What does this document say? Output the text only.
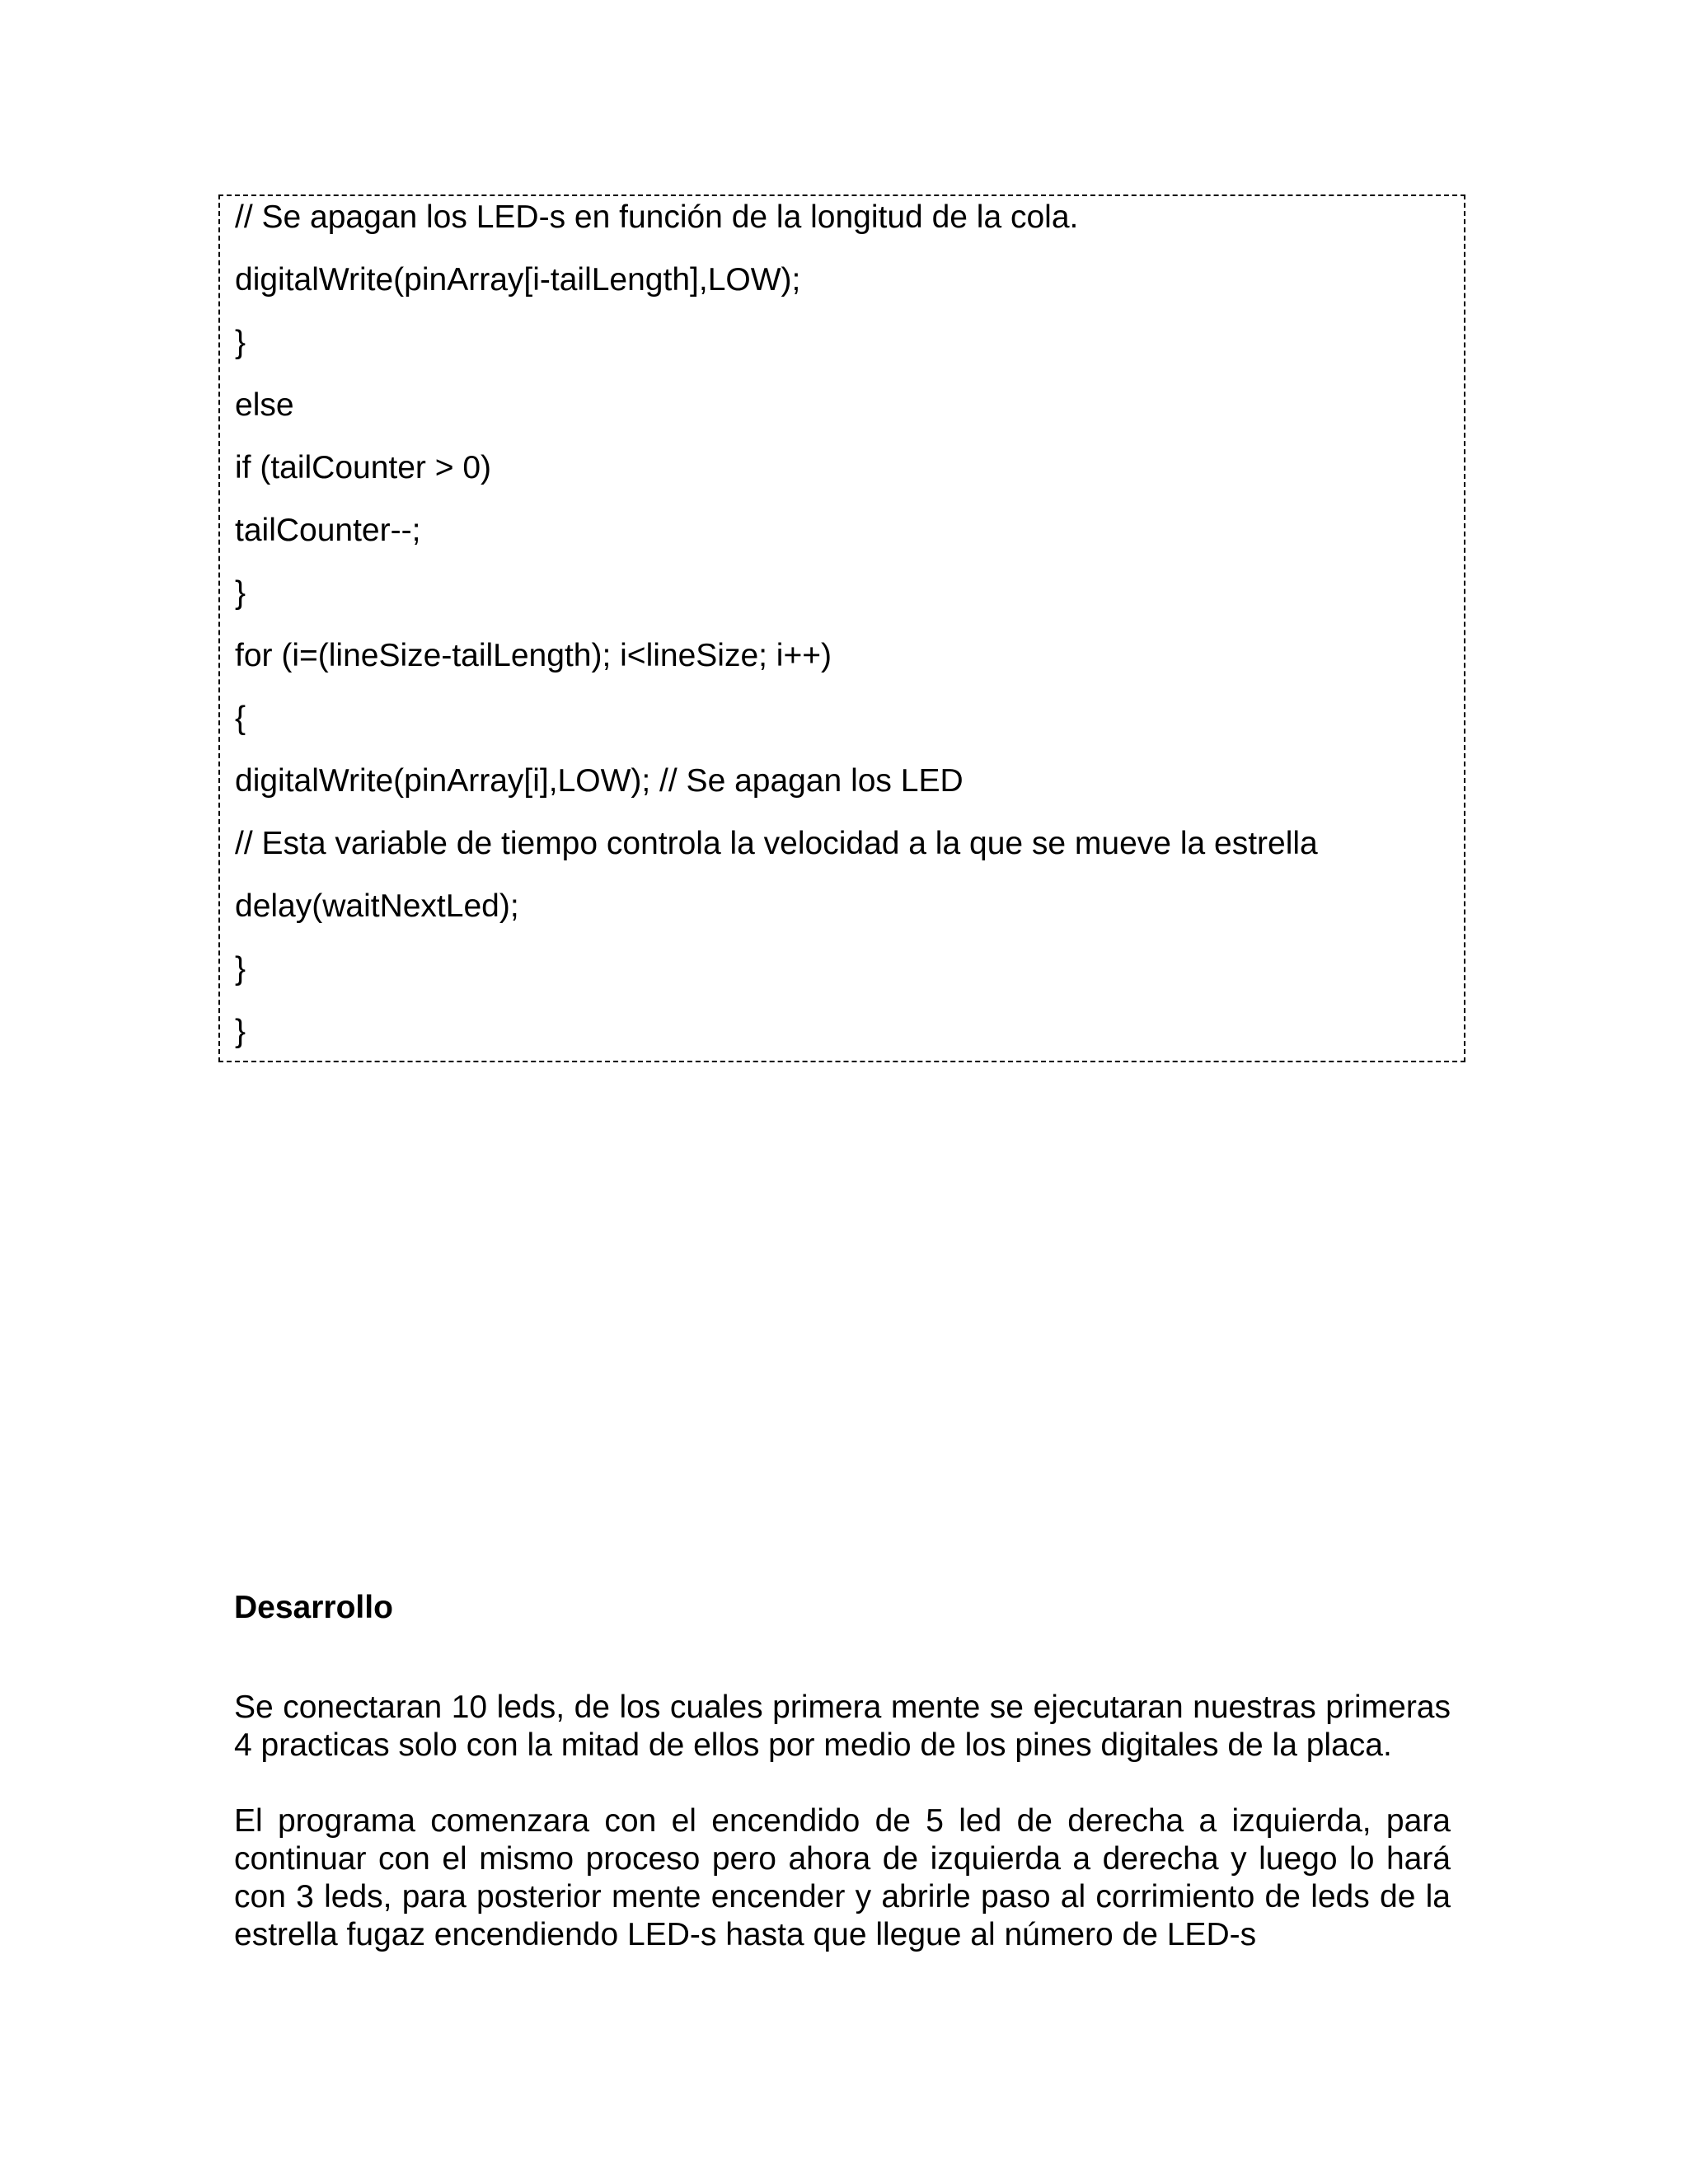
// Se apagan los LED-s en función de la longitud de la cola.
digitalWrite(pinArray[i-tailLength],LOW);
}
else
if (tailCounter > 0)
tailCounter--;
}
for (i=(lineSize-tailLength); i<lineSize; i++)
{
digitalWrite(pinArray[i],LOW); // Se apagan los LED
// Esta variable de tiempo controla la velocidad a la que se mueve la estrella
delay(waitNextLed);
}
}
Desarrollo
Se conectaran 10 leds, de los cuales primera mente se ejecutaran nuestras primeras 4 practicas solo con la mitad de ellos por medio de los pines digitales de la placa.
El programa comenzara con el encendido de 5 led de derecha a izquierda, para continuar con el mismo proceso pero ahora de izquierda a derecha y luego lo hará con 3 leds, para posterior mente encender y abrirle paso al corrimiento de leds de la estrella fugaz encendiendo LED-s hasta que llegue al número de LED-s
